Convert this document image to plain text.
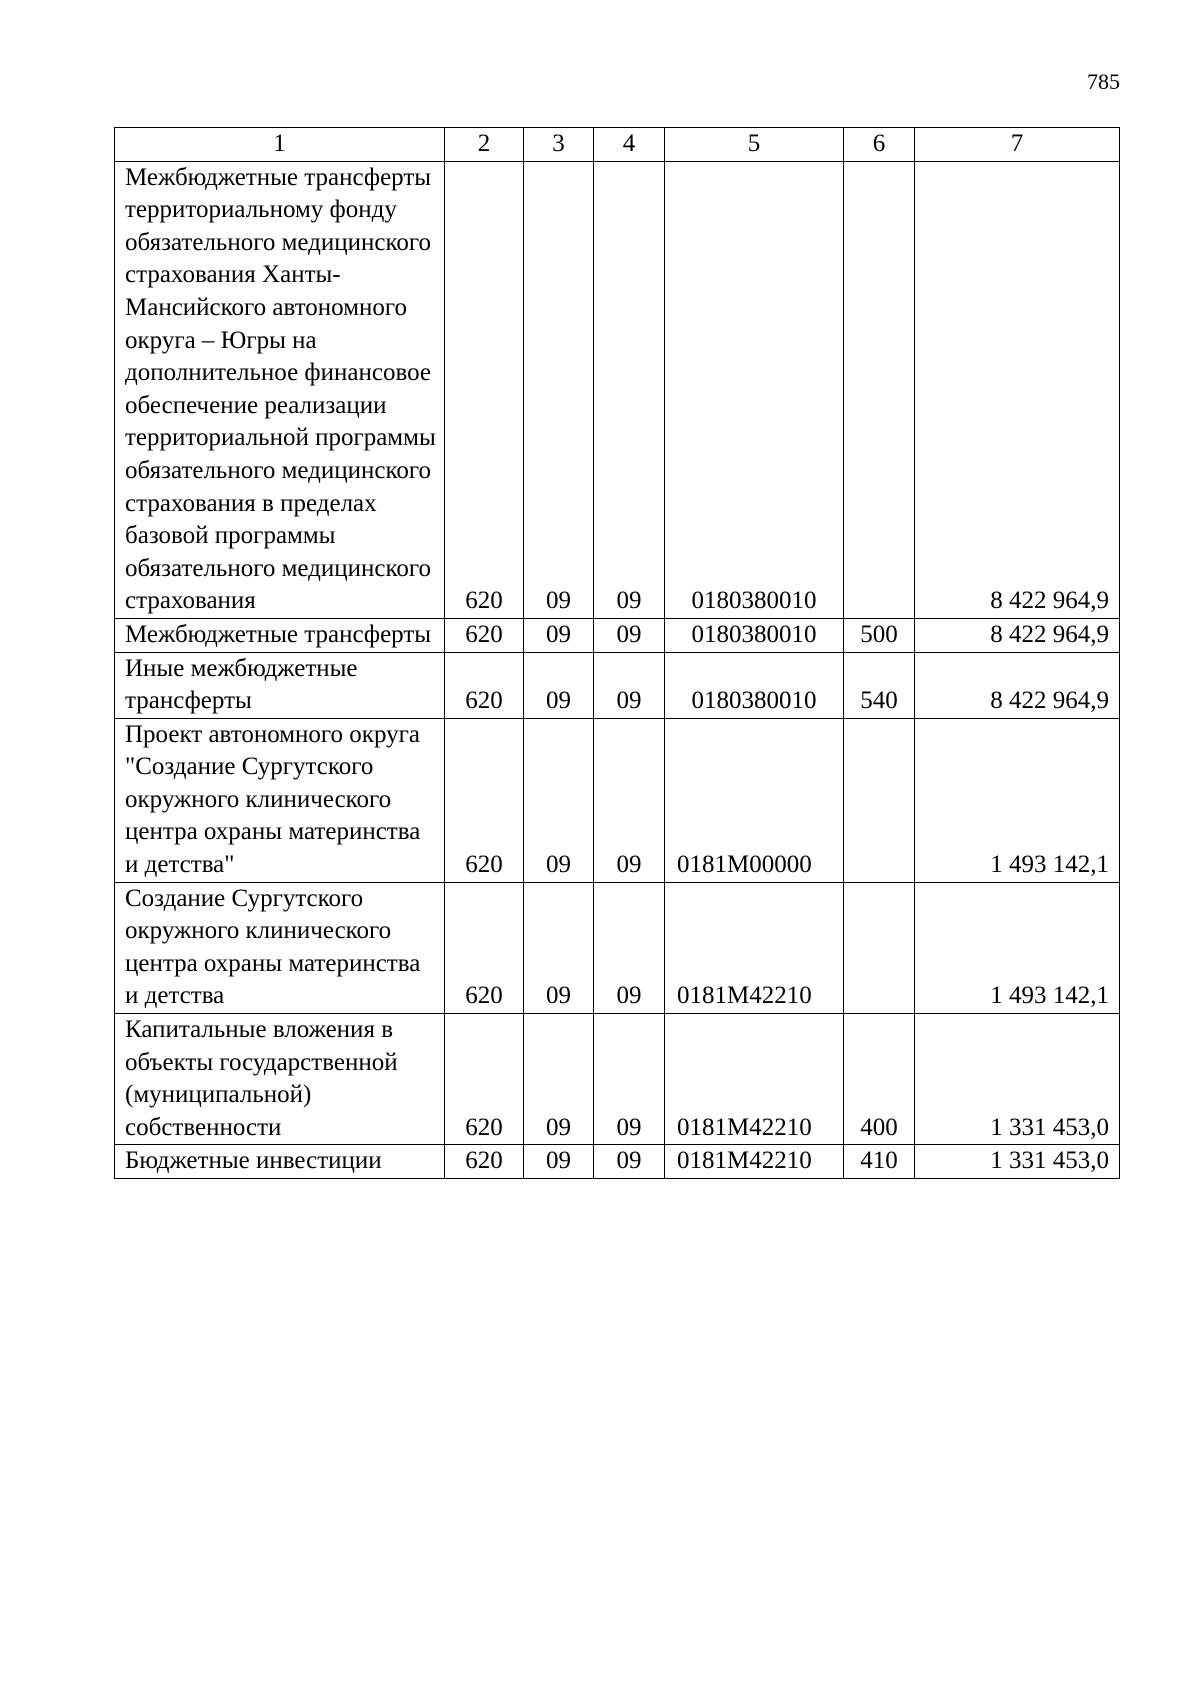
785
1	2	3	4	5	6	7
Межбюджетные трансферты территориальному фонду обязательного медицинского страхования Ханты-Мансийского автономного округа – Югры на дополнительное финансовое обеспечение реализации территориальной программы обязательного медицинского страхования в пределах базовой программы обязательного медицинского страхования	620	09	09	0180380010		8 422 964,9
Межбюджетные трансферты	620	09	09	0180380010	500	8 422 964,9
Иные межбюджетные трансферты	620	09	09	0180380010	540	8 422 964,9
Проект автономного округа "Создание Сургутского окружного клинического центра охраны материнства и детства"	620	09	09	0181М00000		1 493 142,1
Создание Сургутского окружного клинического центра охраны материнства и детства	620	09	09	0181М42210		1 493 142,1
Капитальные вложения в объекты государственной (муниципальной) собственности	620	09	09	0181М42210	400	1 331 453,0
Бюджетные инвестиции	620	09	09	0181М42210	410	1 331 453,0
